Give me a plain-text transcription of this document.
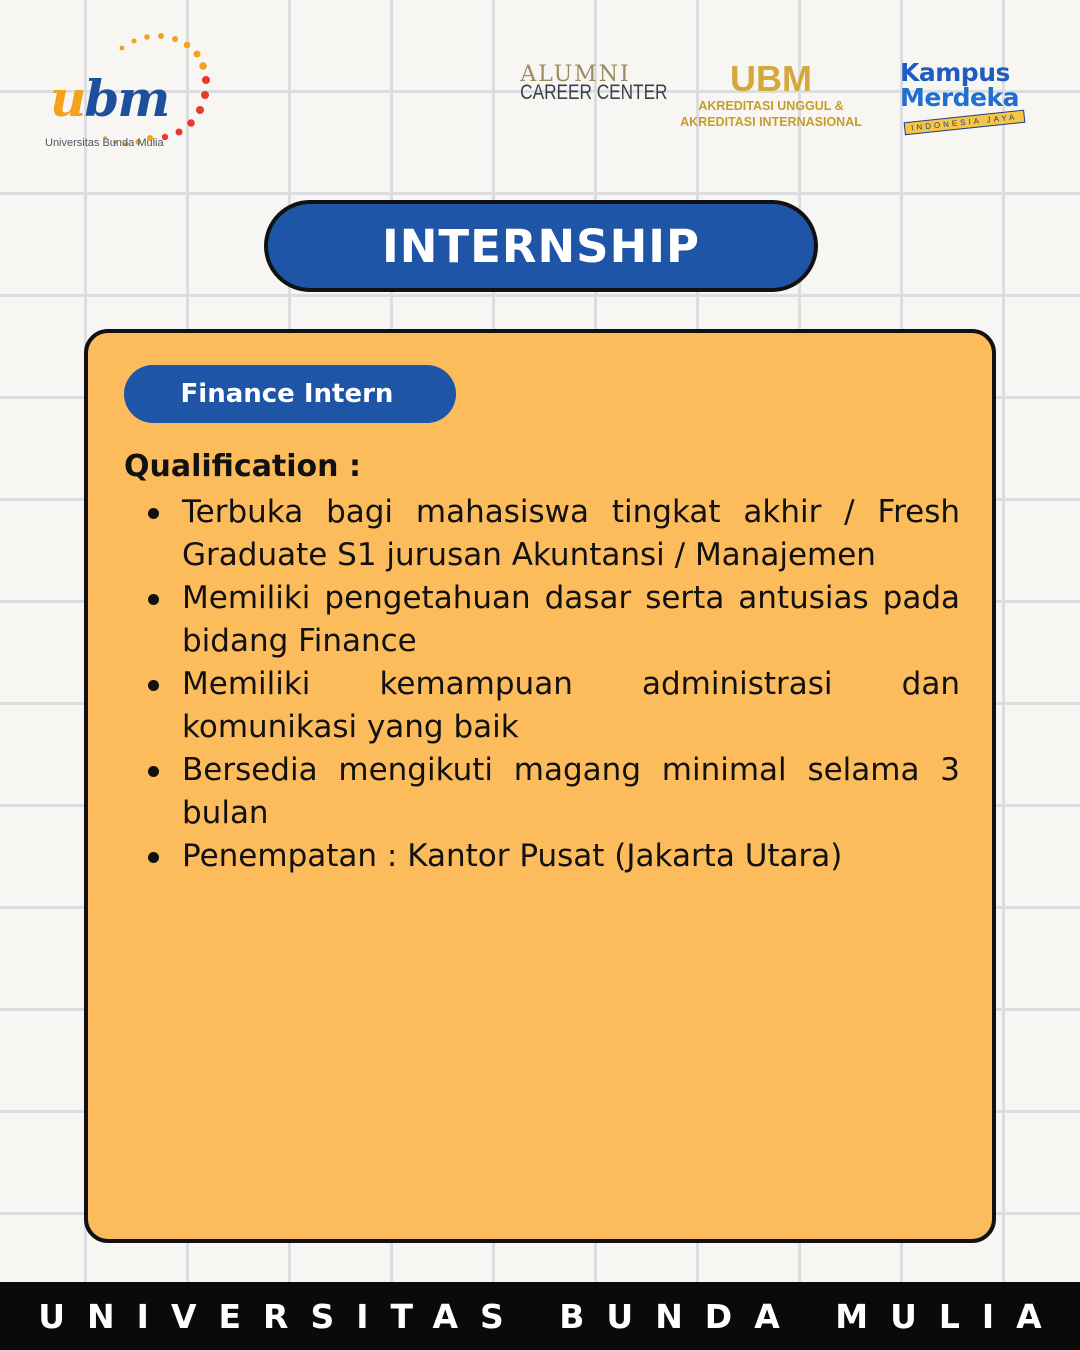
ubm
Universitas Bunda Mulia
ALUMNI
CAREER CENTER	UBM
AKREDITASI UNGGUL &
AKREDITASI INTERNASIONAL
Kampus
Merdeka
INDONESIA JAYA
INTERNSHIP
Finance Intern
Qualification :
Terbuka bagi mahasiswa tingkat akhir / Fresh Graduate S1 jurusan Akuntansi / Manajemen
Memiliki pengetahuan dasar serta antusias pada bidang Finance
Memiliki kemampuan administrasi dan komunikasi yang baik
Bersedia mengikuti magang minimal selama 3 bulan
Penempatan : Kantor Pusat (Jakarta Utara)
UNIVERSITAS BUNDA MULIA
